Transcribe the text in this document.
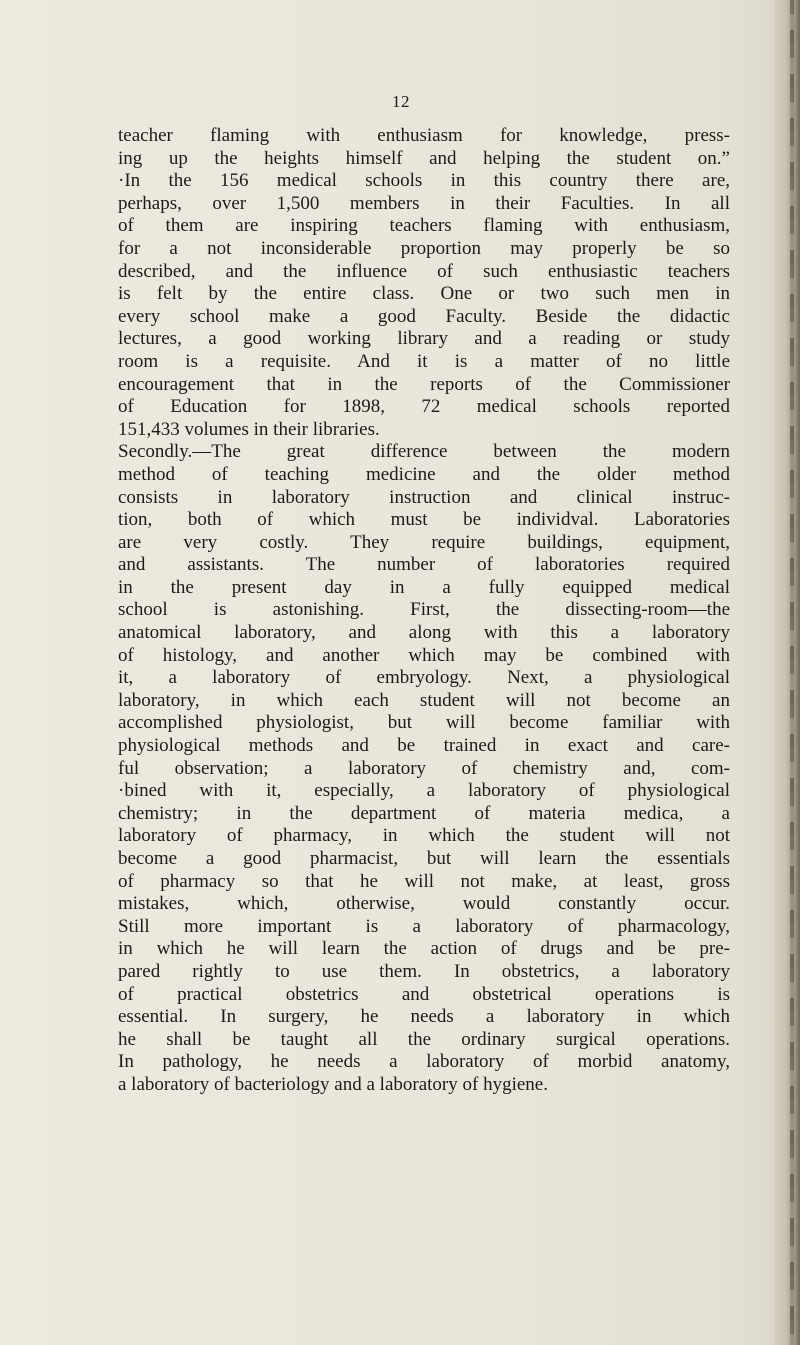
12
teacher flaming with enthusiasm for knowledge, press-
ing up the heights himself and helping the student on.”
·In the 156 medical schools in this country there are,
perhaps, over 1,500 members in their Faculties. In all
of them are inspiring teachers flaming with enthusiasm,
for a not inconsiderable proportion may properly be so
described, and the influence of such enthusiastic teachers
is felt by the entire class. One or two such men in
every school make a good Faculty. Beside the didactic
lectures, a good working library and a reading or study
room is a requisite. And it is a matter of no little
encouragement that in the reports of the Commissioner
of Education for 1898, 72 medical schools reported
151,433 volumes in their libraries.
Secondly.—The great difference between the modern
method of teaching medicine and the older method
consists in laboratory instruction and clinical instruc-
tion, both of which must be individval. Laboratories
are very costly. They require buildings, equipment,
and assistants. The number of laboratories required
in the present day in a fully equipped medical
school is astonishing. First, the dissecting-room—the
anatomical laboratory, and along with this a laboratory
of histology, and another which may be combined with
it, a laboratory of embryology. Next, a physiological
laboratory, in which each student will not become an
accomplished physiologist, but will become familiar with
physiological methods and be trained in exact and care-
ful observation; a laboratory of chemistry and, com-
·bined with it, especially, a laboratory of physiological
chemistry; in the department of materia medica, a
laboratory of pharmacy, in which the student will not
become a good pharmacist, but will learn the essentials
of pharmacy so that he will not make, at least, gross
mistakes, which, otherwise, would constantly occur.
Still more important is a laboratory of pharmacology,
in which he will learn the action of drugs and be pre-
pared rightly to use them. In obstetrics, a laboratory
of practical obstetrics and obstetrical operations is
essential. In surgery, he needs a laboratory in which
he shall be taught all the ordinary surgical operations.
In pathology, he needs a laboratory of morbid anatomy,
a laboratory of bacteriology and a laboratory of hygiene.
